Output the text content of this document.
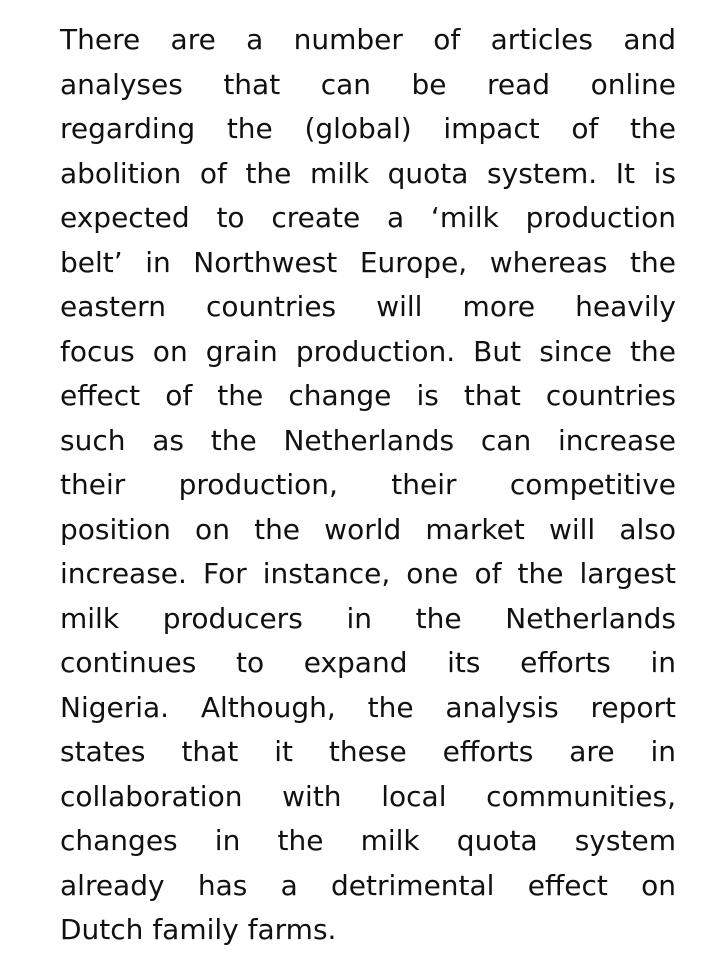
There are a number of articles and
analyses that can be read online
regarding the (global) impact of the
abolition of the milk quota system. It is
expected to create a ‘milk production
belt’ in Northwest Europe, whereas the
eastern countries will more heavily
focus on grain production. But since the
effect of the change is that countries
such as the Netherlands can increase
their production, their competitive
position on the world market will also
increase. For instance, one of the largest
milk producers in the Netherlands
continues to expand its efforts in
Nigeria. Although, the analysis report
states that it these efforts are in
collaboration with local communities,
changes in the milk quota system
already has a detrimental effect on
Dutch family farms.
